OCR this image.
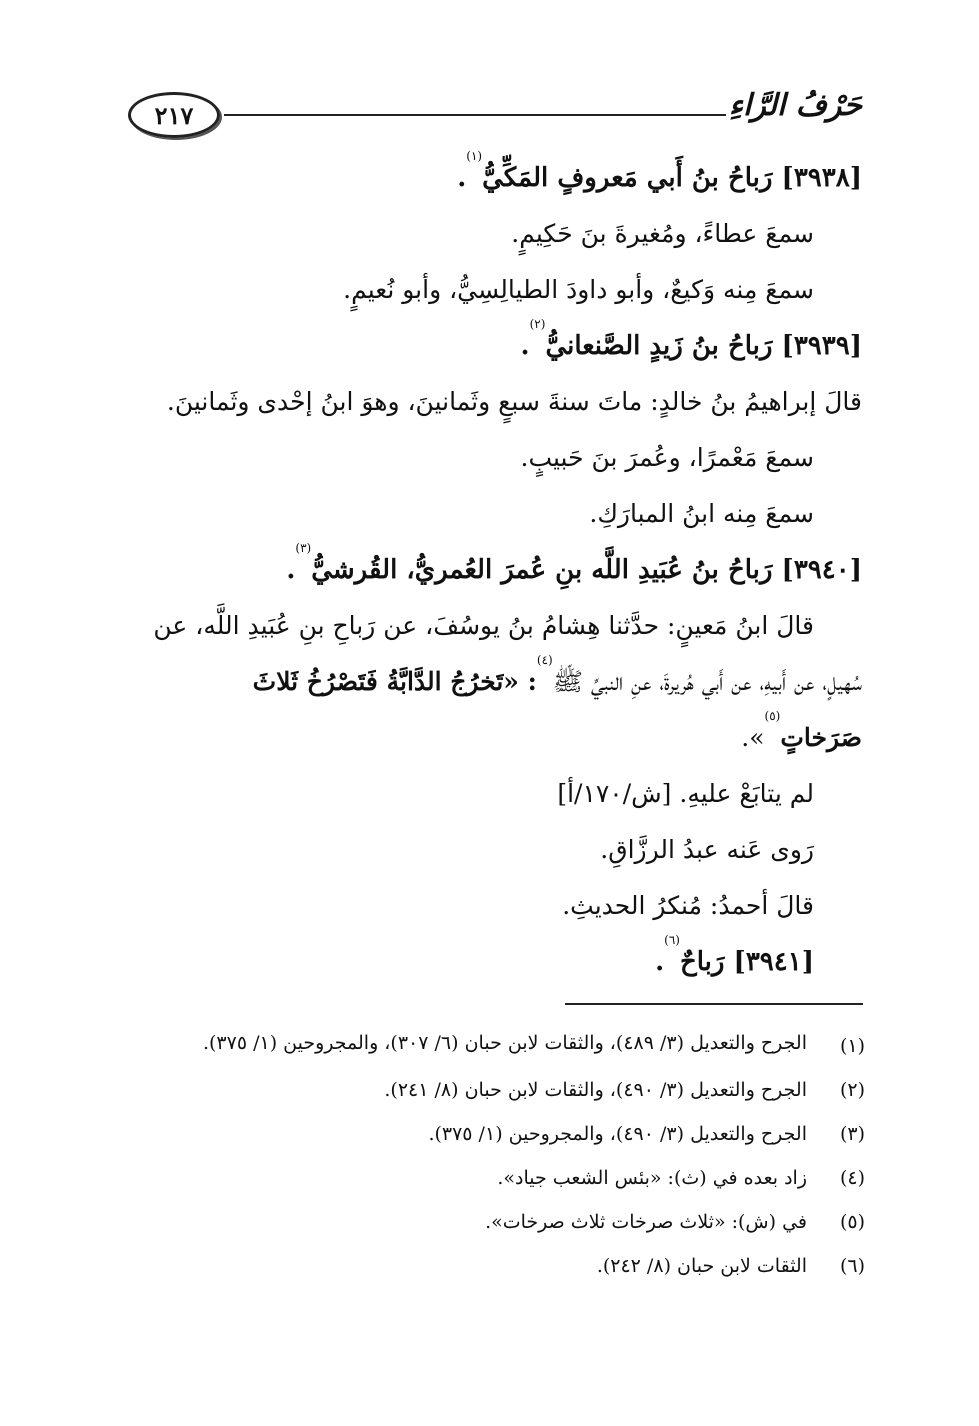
٢١٧	حَرْفُ الرَّاءِ
[٣٩٣٨] رَباحُ بنُ أَبي مَعروفٍ المَكِّيُّ$^{(١)}$.
سمعَ عطاءً، ومُغيرةَ بنَ حَكِيمٍ.
سمعَ مِنه وَكيعٌ، وأبو داودَ الطيالِسِيُّ، وأبو نُعيمٍ.
[٣٩٣٩] رَباحُ بنُ زَيدٍ الصَّنعانيُّ$^{(٢)}$.
قالَ إبراهيمُ بنُ خالدٍ: ماتَ سنةَ سبعٍ وثَمانينَ، وهوَ ابنُ إحْدى وثَمانينَ.
سمعَ مَعْمرًا، وعُمرَ بنَ حَبيبٍ.
سمعَ مِنه ابنُ المبارَكِ.
[٣٩٤٠] رَباحُ بنُ عُبَيدِ اللَّه بنِ عُمرَ العُمريُّ، القُرشيُّ$^{(٣)}$.
قالَ ابنُ مَعينٍ: حدَّثنا هِشامُ بنُ يوسُفَ، عن رَباحِ بنِ عُبَيدِ اللَّه، عن
سُهيلٍ، عن أَبيهِ، عن أَبي هُريرةَ، عنِ النبيِّ ﷺ$^{(٤)}$: «تَخرُجُ الدَّابَّةُ فَتَصْرُخُ ثَلاثَ
صَرَخاتٍ$^{(٥)}$».
لم يتابَعْ عليهِ. [ش/١٧٠/أ]
رَوى عَنه عبدُ الرزَّاقِ.
قالَ أحمدُ: مُنكرُ الحديثِ.
[٣٩٤١] رَباحٌ$^{(٦)}$.
(١)
الجرح والتعديل (٣/ ٤٨٩)، والثقات لابن حبان (٦/ ٣٠٧)، والمجروحين (١/ ٣٧٥).
(٢)
الجرح والتعديل (٣/ ٤٩٠)، والثقات لابن حبان (٨/ ٢٤١).
(٣)
الجرح والتعديل (٣/ ٤٩٠)، والمجروحين (١/ ٣٧٥).
(٤)
زاد بعده في (ث): «بئس الشعب جياد».
(٥)
في (ش): «ثلاث صرخات ثلاث صرخات».
(٦)
الثقات لابن حبان (٨/ ٢٤٢).
